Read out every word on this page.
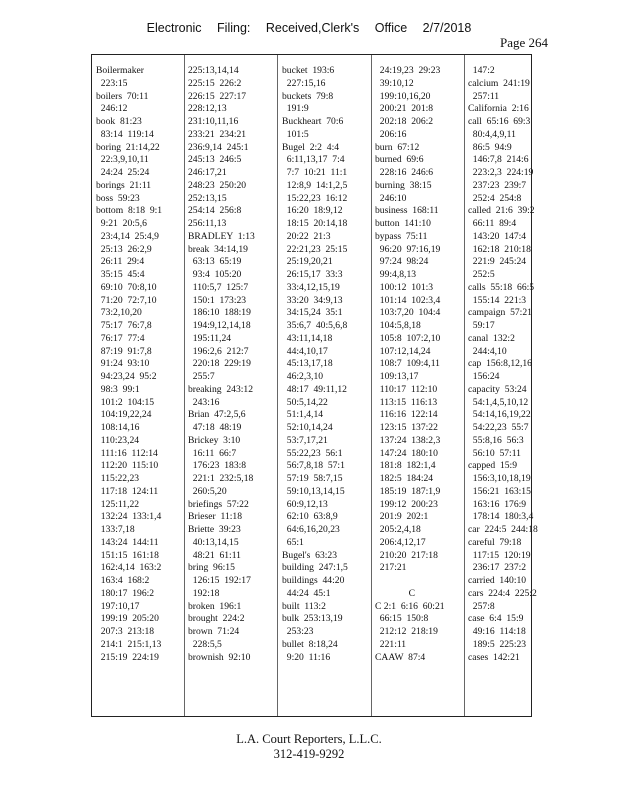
Electronic Filing: Received,Clerk's Office 2/7/2018
Page 264
Boilermaker
223:15
boilers  70:11
246:12
book  81:23
83:14  119:14
boring  21:14,22
22:3,9,10,11
24:24  25:24
borings  21:11
boss  59:23
bottom  8:18  9:1
9:21  20:5,6
23:4,14  25:4,9
25:13  26:2,9
26:11  29:4
35:15  45:4
69:10  70:8,10
71:20  72:7,10
73:2,10,20
75:17  76:7,8
76:17  77:4
87:19  91:7,8
91:24  93:10
94:23,24  95:2
98:3  99:1
101:2  104:15
104:19,22,24
108:14,16
110:23,24
111:16  112:14
112:20  115:10
115:22,23
117:18  124:11
125:11,22
132:24  133:1,4
133:7,18
143:24  144:11
151:15  161:18
162:4,14  163:2
163:4  168:2
180:17  196:2
197:10,17
199:19  205:20
207:3  213:18
214:1  215:1,13
215:19  224:19
225:13,14,14
225:15  226:2
226:15  227:17
228:12,13
231:10,11,16
233:21  234:21
236:9,14  245:1
245:13  246:5
246:17,21
248:23  250:20
252:13,15
254:14  256:8
256:11,13
BRADLEY  1:13
break  34:14,19
63:13  65:19
93:4  105:20
110:5,7  125:7
150:1  173:23
186:10  188:19
194:9,12,14,18
195:11,24
196:2,6  212:7
220:18  229:19
255:7
breaking  243:12
243:16
Brian  47:2,5,6
47:18  48:19
Brickey  3:10
16:11  66:7
176:23  183:8
221:1  232:5,18
260:5,20
briefings  57:22
Brieser  11:18
Briette  39:23
40:13,14,15
48:21  61:11
bring  96:15
126:15  192:17
192:18
broken  196:1
brought  224:2
brown  71:24
228:5,5
brownish  92:10
bucket  193:6
227:15,16
buckets  79:8
191:9
Buckheart  70:6
101:5
Bugel  2:2  4:4
6:11,13,17  7:4
7:7  10:21  11:1
12:8,9  14:1,2,5
15:22,23  16:12
16:20  18:9,12
18:15  20:14,18
20:22  21:3
22:21,23  25:15
25:19,20,21
26:15,17  33:3
33:4,12,15,19
33:20  34:9,13
34:15,24  35:1
35:6,7  40:5,6,8
43:11,14,18
44:4,10,17
45:13,17,18
46:2,3,10
48:17  49:11,12
50:5,14,22
51:1,4,14
52:10,14,24
53:7,17,21
55:22,23  56:1
56:7,8,18  57:1
57:19  58:7,15
59:10,13,14,15
60:9,12,13
62:10  63:8,9
64:6,16,20,23
65:1
Bugel's  63:23
building  247:1,5
buildings  44:20
44:24  45:1
built  113:2
bulk  253:13,19
253:23
bullet  8:18,24
9:20  11:16
24:19,23  29:23
39:10,12
199:10,16,20
200:21  201:8
202:18  206:2
206:16
burn  67:12
burned  69:6
228:16  246:6
burning  38:15
246:10
business  168:11
button  141:10
bypass  75:11
96:20  97:16,19
97:24  98:24
99:4,8,13
100:12  101:3
101:14  102:3,4
103:7,20  104:4
104:5,8,18
105:8  107:2,10
107:12,14,24
108:7  109:4,11
109:13,17
110:17  112:10
113:15  116:13
116:16  122:14
123:15  137:22
137:24  138:2,3
147:24  180:10
181:8  182:1,4
182:5  184:24
185:19  187:1,9
199:12  200:23
201:9  202:1
205:2,4,18
206:4,12,17
210:20  217:18
217:21
C
C 2:1  6:16  60:21
66:15  150:8
212:12  218:19
221:11
CAAW  87:4
147:2
calcium  241:19
257:11
California  2:16
call  65:16  69:3
80:4,4,9,11
86:5  94:9
146:7,8  214:6
223:2,3  224:19
237:23  239:7
252:4  254:8
called  21:6  39:2
66:11  89:4
143:20  147:4
162:18  210:18
221:9  245:24
252:5
calls  55:18  66:5
155:14  221:3
campaign  57:21
59:17
canal  132:2
244:4,10
cap  156:8,12,16
156:24
capacity  53:24
54:1,4,5,10,12
54:14,16,19,22
54:22,23  55:7
55:8,16  56:3
56:10  57:11
capped  15:9
156:3,10,18,19
156:21  163:15
163:16  176:9
178:14  180:3,4
car  224:5  244:18
careful  79:18
117:15  120:19
236:17  237:2
carried  140:10
cars  224:4  225:2
257:8
case  6:4  15:9
49:16  114:18
189:5  225:23
cases  142:21
L.A. Court Reporters, L.L.C.
312-419-9292
